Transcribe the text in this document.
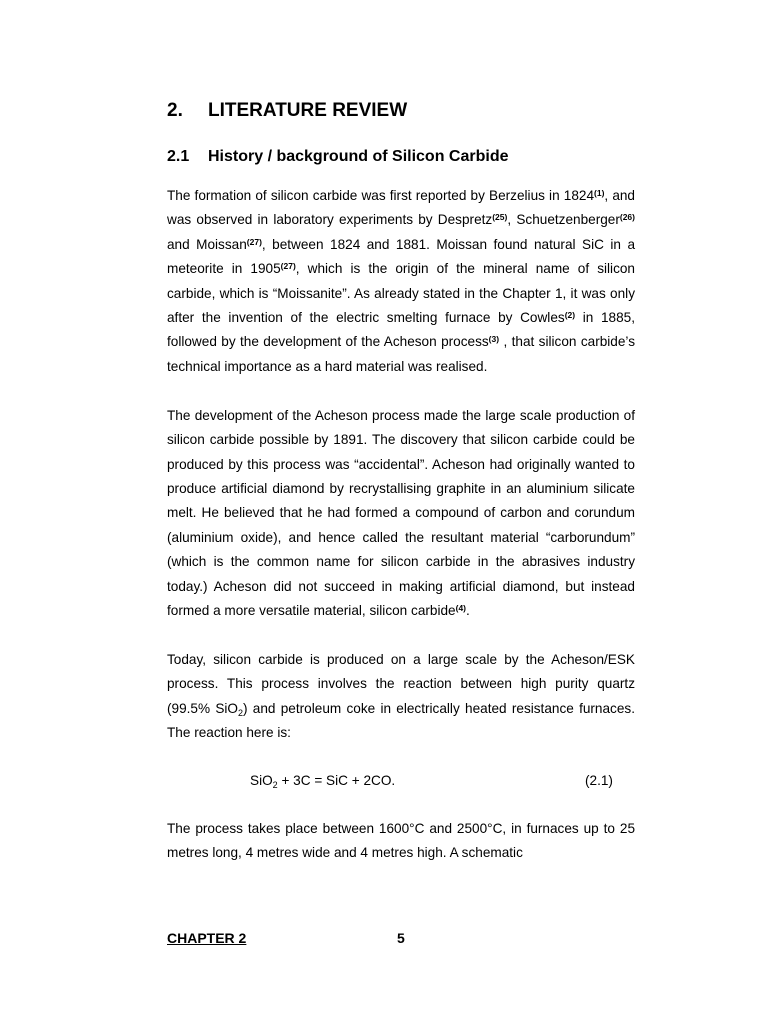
2.	LITERATURE REVIEW
2.1	History / background of Silicon Carbide

The formation of silicon carbide was first reported by Berzelius in 1824$^{(1)}$, and was observed in laboratory experiments by Despretz$^{(25)}$, Schuetzenberger$^{(26)}$ and Moissan$^{(27)}$, between 1824 and 1881. Moissan found natural SiC in a meteorite in 1905$^{(27)}$, which is the origin of the mineral name of silicon carbide, which is “Moissanite”. As already stated in the Chapter 1, it was only after the invention of the electric smelting furnace by Cowles$^{(2)}$ in 1885, followed by the development of the Acheson process$^{(3)}$ , that silicon carbide’s technical importance as a hard material was realised.

The development of the Acheson process made the large scale production of silicon carbide possible by 1891. The discovery that silicon carbide could be produced by this process was “accidental”. Acheson had originally wanted to produce artificial diamond by recrystallising graphite in an aluminium silicate melt. He believed that he had formed a compound of carbon and corundum (aluminium oxide), and hence called the resultant material “carborundum” (which is the common name for silicon carbide in the abrasives industry today.) Acheson did not succeed in making artificial diamond, but instead formed a more versatile material, silicon carbide$^{(4)}$.

Today, silicon carbide is produced on a large scale by the Acheson/ESK process. This process involves the reaction between high purity quartz (99.5% SiO$_2$) and petroleum coke in electrically heated resistance furnaces. The reaction here is:

SiO$_2$ + 3C = SiC + 2CO.	(2.1)

The process takes place between 1600°C and 2500°C, in furnaces up to 25 metres long, 4 metres wide and 4 metres high. A schematic

CHAPTER 2	5
